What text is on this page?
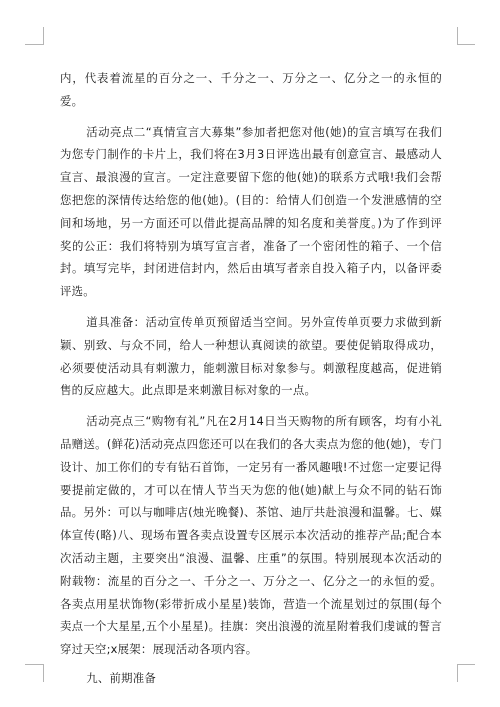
内，代表着流星的百分之一、千分之一、万分之一、亿分之一的永恒的爱。

活动亮点二“真情宣言大募集”参加者把您对他(她)的宣言填写在我们为您专门制作的卡片上，我们将在3月3日评选出最有创意宣言、最感动人宣言、最浪漫的宣言。一定注意要留下您的他(她)的联系方式哦!我们会帮您把您的深情传达给您的他(她)。(目的：给情人们创造一个发泄感情的空间和场地，另一方面还可以借此提高品牌的知名度和美誉度。)为了作到评奖的公正：我们将特别为填写宣言者，准备了一个密闭性的箱子、一个信封。填写完毕，封闭进信封内，然后由填写者亲自投入箱子内，以备评委评选。

道具准备：活动宣传单页预留适当空间。另外宣传单页要力求做到新颖、别致、与众不同，给人一种想认真阅读的欲望。要使促销取得成功，必须要使活动具有刺激力，能刺激目标对象参与。刺激程度越高，促进销售的反应越大。此点即是来刺激目标对象的一点。

活动亮点三“购物有礼”凡在2月14日当天购物的所有顾客，均有小礼品赠送。(鲜花)活动亮点四您还可以在我们的各大卖点为您的他(她)，专门设计、加工你们的专有钻石首饰，一定另有一番风趣哦!不过您一定要记得要提前定做的，才可以在情人节当天为您的他(她)献上与众不同的钻石饰品。另外：可以与咖啡店(烛光晚餐)、茶馆、迪厅共赴浪漫和温馨。七、媒体宣传(略)八、现场布置各卖点设置专区展示本次活动的推荐产品;配合本次活动主题，主要突出“浪漫、温馨、庄重”的氛围。特别展现本次活动的附载物：流星的百分之一、千分之一、万分之一、亿分之一的永恒的爱。各卖点用星状饰物(彩带折成小星星)装饰，营造一个流星划过的氛围(每个卖点一个大星星,五个小星星)。挂旗：突出浪漫的流星附着我们虔诚的誓言穿过天空;x展架：展现活动各项内容。

九、前期准备
